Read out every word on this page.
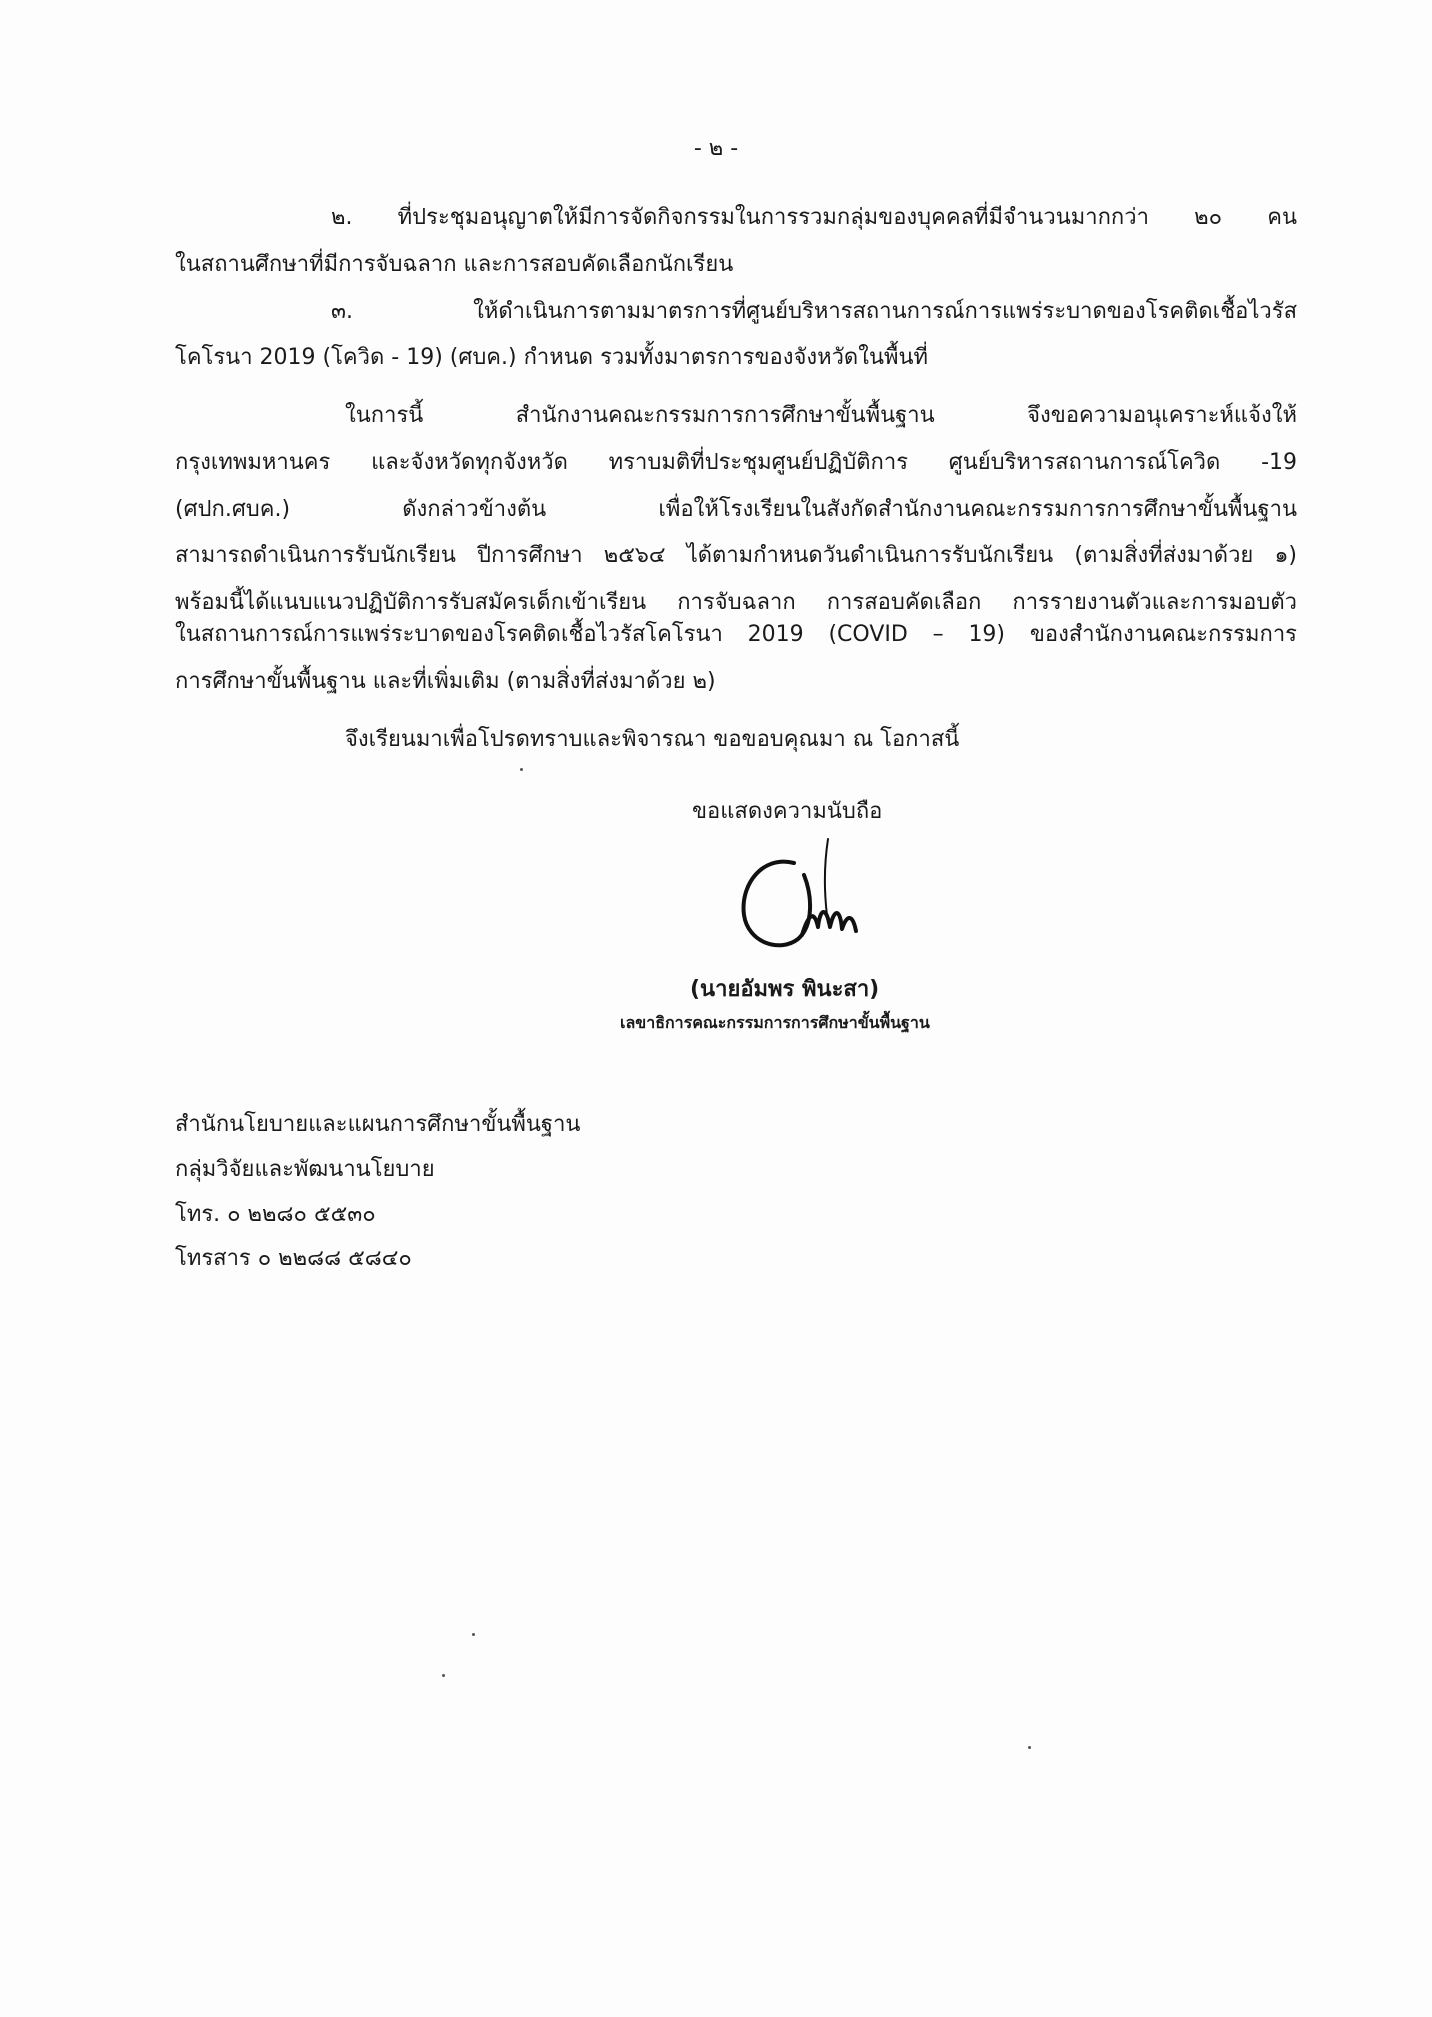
- ๒ -
๒. ที่ประชุมอนุญาตให้มีการจัดกิจกรรมในการรวมกลุ่มของบุคคลที่มีจำนวนมากกว่า ๒๐ คน
ในสถานศึกษาที่มีการจับฉลาก และการสอบคัดเลือกนักเรียน
๓. ให้ดำเนินการตามมาตรการที่ศูนย์บริหารสถานการณ์การแพร่ระบาดของโรคติดเชื้อไวรัส
โคโรนา 2019 (โควิด - 19) (ศบค.) กำหนด รวมทั้งมาตรการของจังหวัดในพื้นที่
ในการนี้ สำนักงานคณะกรรมการการศึกษาขั้นพื้นฐาน จึงขอความอนุเคราะห์แจ้งให้
กรุงเทพมหานคร และจังหวัดทุกจังหวัด ทราบมติที่ประชุมศูนย์ปฏิบัติการ ศูนย์บริหารสถานการณ์โควิด -19
(ศปก.ศบค.) ดังกล่าวข้างต้น เพื่อให้โรงเรียนในสังกัดสำนักงานคณะกรรมการการศึกษาขั้นพื้นฐาน
สามารถดำเนินการรับนักเรียน ปีการศึกษา ๒๕๖๔ ได้ตามกำหนดวันดำเนินการรับนักเรียน (ตามสิ่งที่ส่งมาด้วย ๑)
พร้อมนี้ได้แนบแนวปฏิบัติการรับสมัครเด็กเข้าเรียน การจับฉลาก การสอบคัดเลือก การรายงานตัวและการมอบตัว
ในสถานการณ์การแพร่ระบาดของโรคติดเชื้อไวรัสโคโรนา 2019 (COVID – 19) ของสำนักงานคณะกรรมการ
การศึกษาขั้นพื้นฐาน และที่เพิ่มเติม (ตามสิ่งที่ส่งมาด้วย ๒)
จึงเรียนมาเพื่อโปรดทราบและพิจารณา ขอขอบคุณมา ณ โอกาสนี้
ขอแสดงความนับถือ
(นายอัมพร พินะสา)
เลขาธิการคณะกรรมการการศึกษาขั้นพื้นฐาน
สำนักนโยบายและแผนการศึกษาขั้นพื้นฐาน
กลุ่มวิจัยและพัฒนานโยบาย
โทร. ๐ ๒๒๘๐ ๕๕๓๐
โทรสาร ๐ ๒๒๘๘ ๕๘๔๐
